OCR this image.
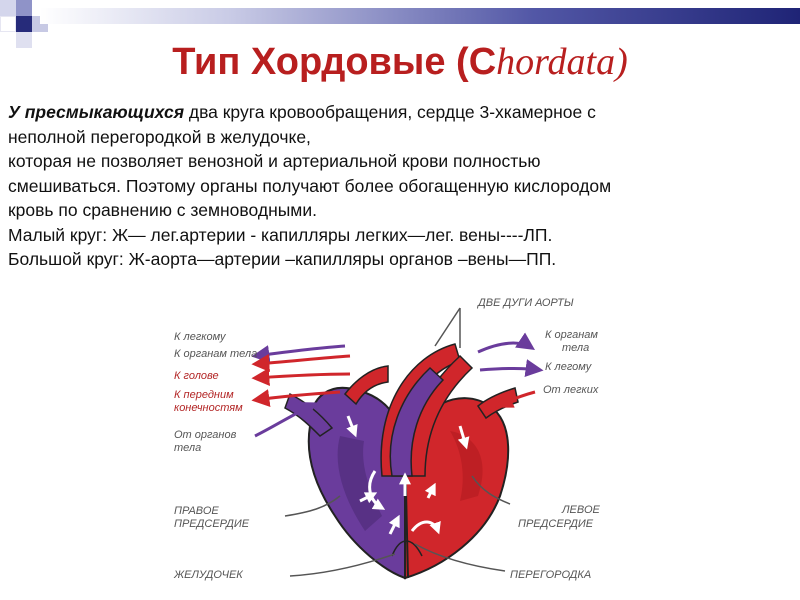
Тип Хордовые (Сhordata)

У пресмыкающихся два круга кровообращения, сердце 3-хкамерное с

неполной перегородкой в желудочке,

которая не позволяет венозной и артериальной крови полностью

смешиваться. Поэтому органы получают более обогащенную кислородом

кровь по сравнению с земноводными.

Малый круг: Ж— лег.артерии - капилляры легких—лег. вены----ЛП.

Большой круг: Ж-аорта—артерии –капилляры органов –вены—ПП.

ДВЕ ДУГИ АОРТЫ
К легкому
К органам тела
К голове
К передним
конечностям
От органов
тела
К органам
тела
К легому
От легких
ПРАВОЕ
ПРЕДСЕРДИЕ
ЛЕВОЕ
ПРЕДСЕРДИЕ
ЖЕЛУДОЧЕК	ПЕРЕГОРОДКА
